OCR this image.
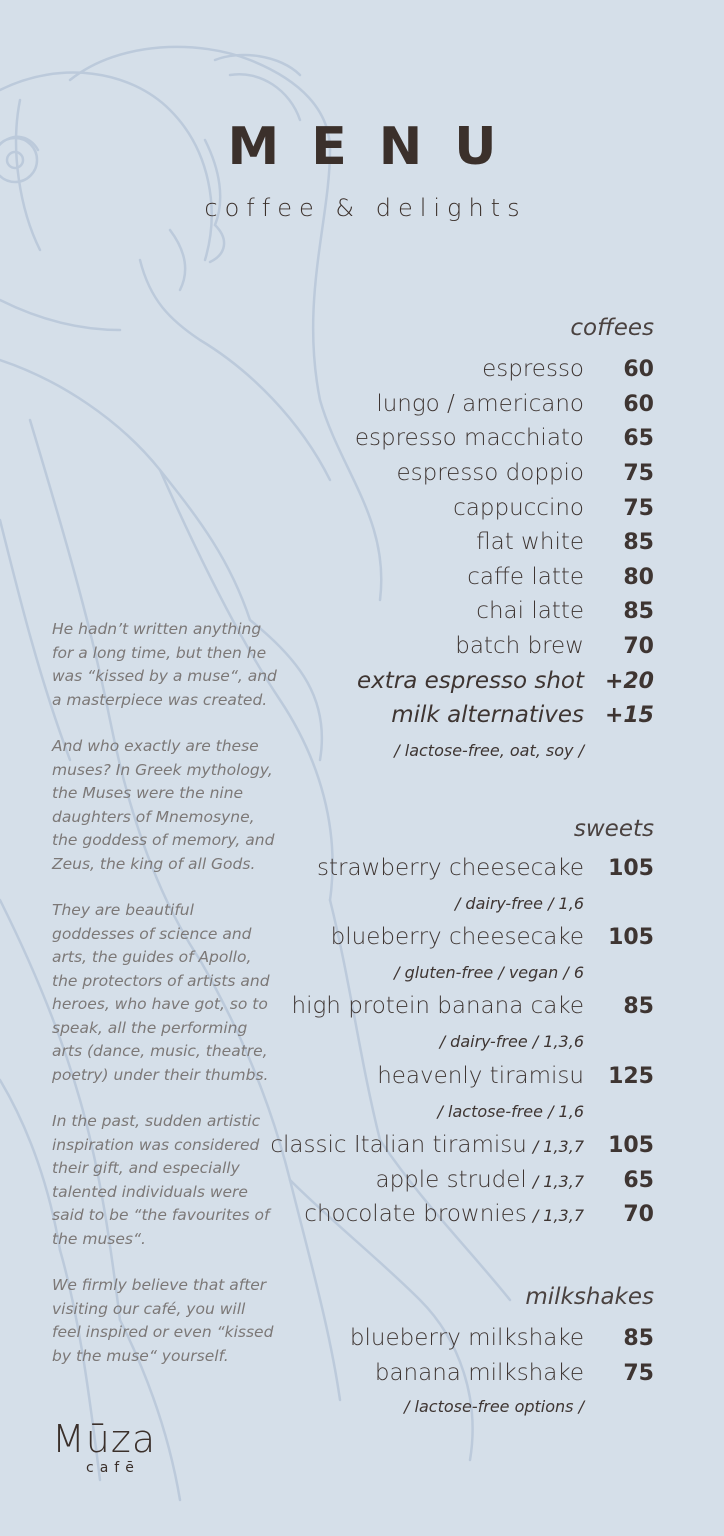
MENU
coffee & delights
coffees
espresso	60
lungo / americano	60
espresso macchiato	65
espresso doppio	75
cappuccino	75
flat white	85
caffe latte	80
chai latte	85
batch brew	70
extra espresso shot +20
milk alternatives +15
/ lactose-free, oat, soy /
sweets
strawberry cheesecake	105
/ dairy-free / 1,6
blueberry cheesecake	105
/ gluten-free / vegan / 6
high protein banana cake	85
/ dairy-free / 1,3,6
heavenly tiramisu	125
/ lactose-free / 1,6
classic Italian tiramisu / 1,3,7	105
apple strudel / 1,3,7	65
chocolate brownies / 1,3,7	70
milkshakes
blueberry milkshake	85
banana milkshake	75
/ lactose-free options /

He hadn’t written anything for a long time, but then he was “kissed by a muse“, and a masterpiece was created.

And who exactly are these muses? In Greek mythology, the Muses were the nine daughters of Mnemosyne, the goddess of memory, and Zeus, the king of all Gods.

They are beautiful goddesses of science and arts, the guides of Apollo, the protectors of artists and heroes, who have got, so to speak, all the performing arts (dance, music, theatre, poetry) under their thumbs.

In the past, sudden artistic inspiration was considered their gift, and especially talented individuals were said to be “the favourites of the muses“.

We firmly believe that after visiting our café, you will feel inspired or even “kissed by the muse“ yourself.

Mūza
cafē
